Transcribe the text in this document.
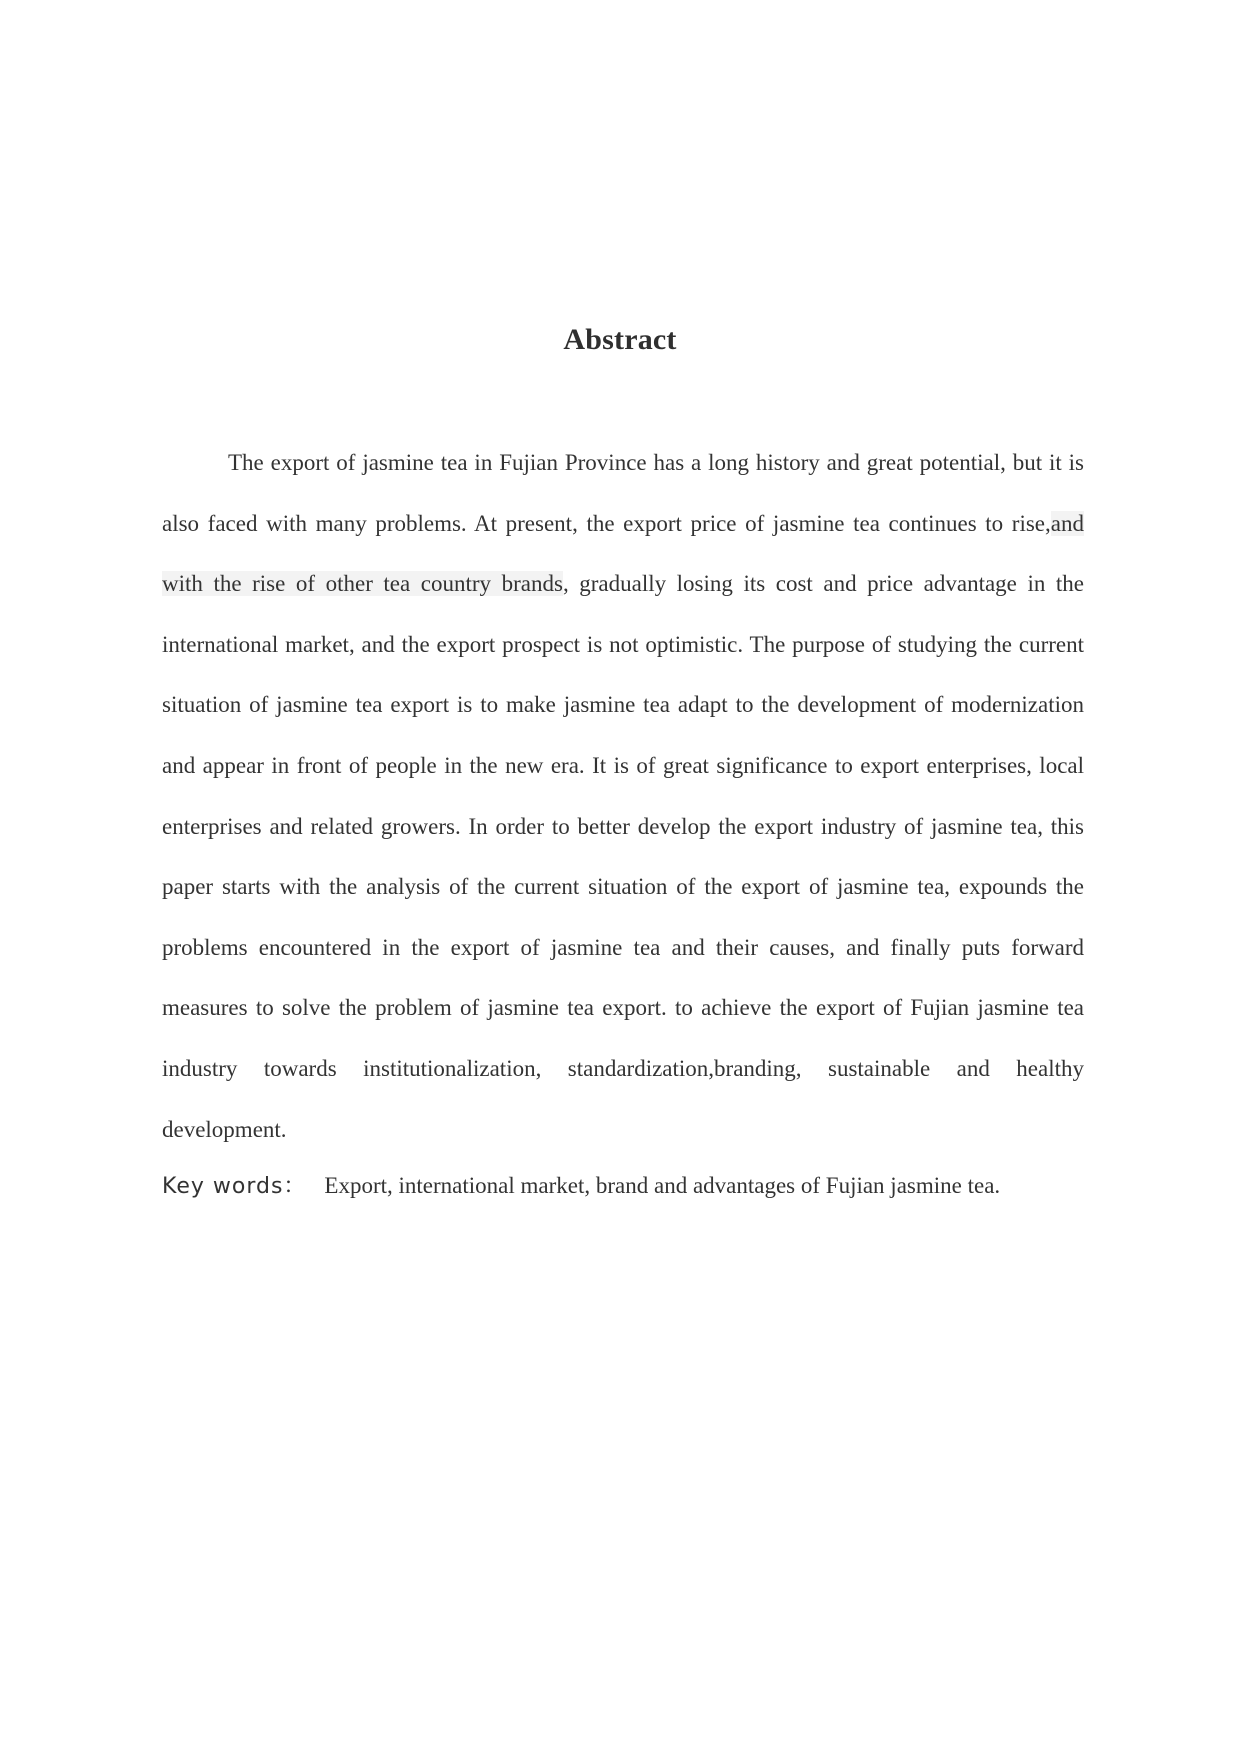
Abstract

The export of jasmine tea in Fujian Province has a long history and great potential, but it is also faced with many problems. At present, the export price of jasmine tea continues to rise,and with the rise of other tea country brands, gradually losing its cost and price advantage in the international market, and the export prospect is not optimistic. The purpose of studying the current situation of jasmine tea export is to make jasmine tea adapt to the development of modernization and appear in front of people in the new era. It is of great significance to export enterprises, local enterprises and related growers. In order to better develop the export industry of jasmine tea, this paper starts with the analysis of the current situation of the export of jasmine tea, expounds the problems encountered in the export of jasmine tea and their causes, and finally puts forward measures to solve the problem of jasmine tea export. to achieve the export of Fujian jasmine tea industry towards institutionalization, standardization,branding, sustainable and healthy development.

Key words： Export, international market, brand and advantages of Fujian jasmine tea.
